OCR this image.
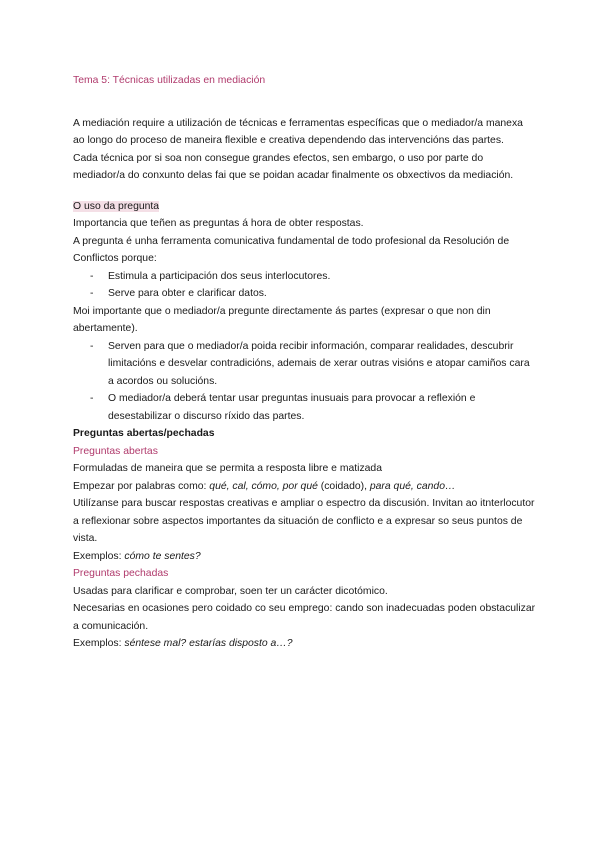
Tema 5: Técnicas utilizadas en mediación

A mediación require a utilización de técnicas e ferramentas específicas que o mediador/a manexa ao longo do proceso de maneira flexible e creativa dependendo das intervencións das partes.

Cada técnica por si soa non consegue grandes efectos, sen embargo, o uso por parte do mediador/a do conxunto delas fai que se poidan acadar finalmente os obxectivos da mediación.

O uso da pregunta

Importancia que teñen as preguntas á hora de obter respostas.

A pregunta é unha ferramenta comunicativa fundamental de todo profesional da Resolución de Conflictos porque:

- Estimula a participación dos seus interlocutores.
- Serve para obter e clarificar datos.

Moi importante que o mediador/a pregunte directamente ás partes (expresar o que non din abertamente).

- Serven para que o mediador/a poida recibir información, comparar realidades, descubrir limitacións e desvelar contradicións, ademais de xerar outras visións e atopar camiños cara a acordos ou solucións.
- O mediador/a deberá tentar usar preguntas inusuais para provocar a reflexión e desestabilizar o discurso ríxido das partes.

Preguntas abertas/pechadas

Preguntas abertas

Formuladas de maneira que se permita a resposta libre e matizada

Empezar por palabras como: qué, cal, cómo, por qué (coidado), para qué, cando…

Utilízanse para buscar respostas creativas e ampliar o espectro da discusión. Invitan ao itnterlocutor a reflexionar sobre aspectos importantes da situación de conflicto e a expresar so seus puntos de vista.

Exemplos: cómo te sentes?

Preguntas pechadas

Usadas para clarificar e comprobar, soen ter un carácter dicotómico.

Necesarias en ocasiones pero coidado co seu emprego: cando son inadecuadas poden obstaculizar a comunicación.

Exemplos: séntese mal? estarías disposto a…?
